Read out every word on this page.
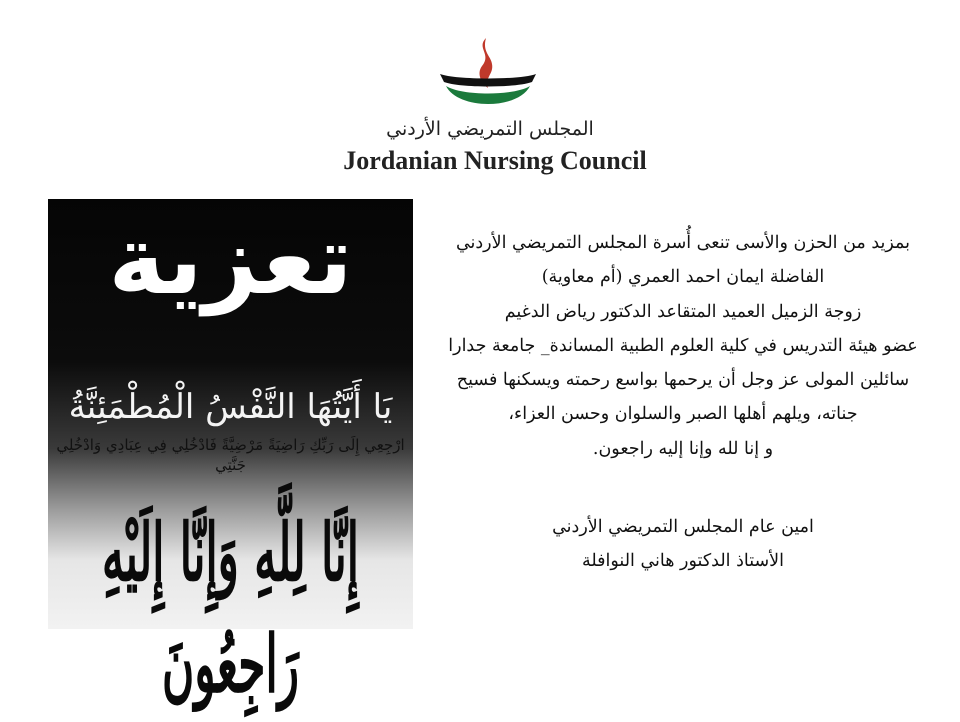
المجلس التمريضي الأردني
Jordanian Nursing Council
تعزية
يَا أَيَّتُهَا النَّفْسُ الْمُطْمَئِنَّةُ
ارْجِعِي إِلَى رَبِّكِ رَاضِيَةً مَرْضِيَّةً فَادْخُلِي فِي عِبَادِي وَادْخُلِي جَنَّتِي
إِنَّا لِلَّهِ وَإِنَّا إِلَيْهِ رَاجِعُونَ
بمزيد من الحزن والأسى تنعى أُسرة المجلس التمريضي الأردني
الفاضلة ايمان احمد العمري (أم معاوية)
زوجة الزميل العميد المتقاعد الدكتور رياض الدغيم
عضو هيئة التدريس في كلية العلوم الطبية المساندة_ جامعة جدارا
سائلين المولى عز وجل أن يرحمها بواسع رحمته ويسكنها فسيح
جناته، ويلهم أهلها الصبر والسلوان وحسن العزاء،
و إنا لله وإنا إليه راجعون.
امين عام المجلس التمريضي الأردني
الأستاذ الدكتور هاني النوافلة
